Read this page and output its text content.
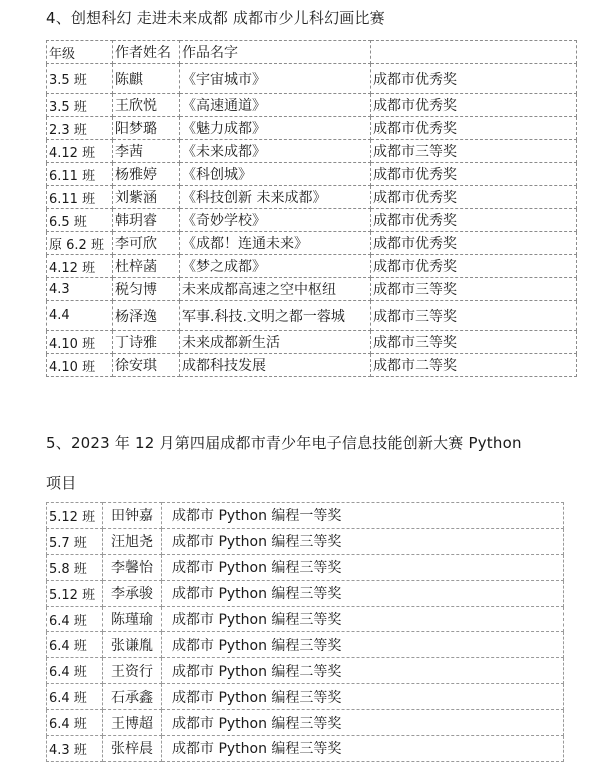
4、创想科幻 走进未来成都 成都市少儿科幻画比赛
年级	作者姓名	作品名字	
3.5 班	陈麒	《宇宙城市》	成都市优秀奖
3.5 班	王欣悦	《高速通道》	成都市优秀奖
2.3 班	阳梦璐	《魅力成都》	成都市优秀奖
4.12 班	李茜	《未来成都》	成都市三等奖
6.11 班	杨雅婷	《科创城》	成都市优秀奖
6.11 班	刘紫涵	《科技创新 未来成都》	成都市优秀奖
6.5 班	韩玥睿	《奇妙学校》	成都市优秀奖
原 6.2 班	李可欣	《成都！连通未来》	成都市优秀奖
4.12 班	杜梓菡	《梦之成都》	成都市优秀奖
4.3	税匀博	未来成都高速之空中枢纽	成都市三等奖
4.4	杨泽逸	军事.科技.文明之都一蓉城	成都市三等奖
4.10 班	丁诗雅	未来成都新生活	成都市三等奖
4.10 班	徐安琪	成都科技发展	成都市二等奖
5、2023 年 12 月第四届成都市青少年电子信息技能创新大赛 Python
项目
5.12 班	田钟嘉	成都市 Python 编程一等奖
5.7 班	汪旭尧	成都市 Python 编程三等奖
5.8 班	李馨怡	成都市 Python 编程三等奖
5.12 班	李承骏	成都市 Python 编程三等奖
6.4 班	陈瑾瑜	成都市 Python 编程三等奖
6.4 班	张谦胤	成都市 Python 编程三等奖
6.4 班	王资行	成都市 Python 编程二等奖
6.4 班	石承鑫	成都市 Python 编程三等奖
6.4 班	王博超	成都市 Python 编程三等奖
4.3 班	张梓晨	成都市 Python 编程三等奖
